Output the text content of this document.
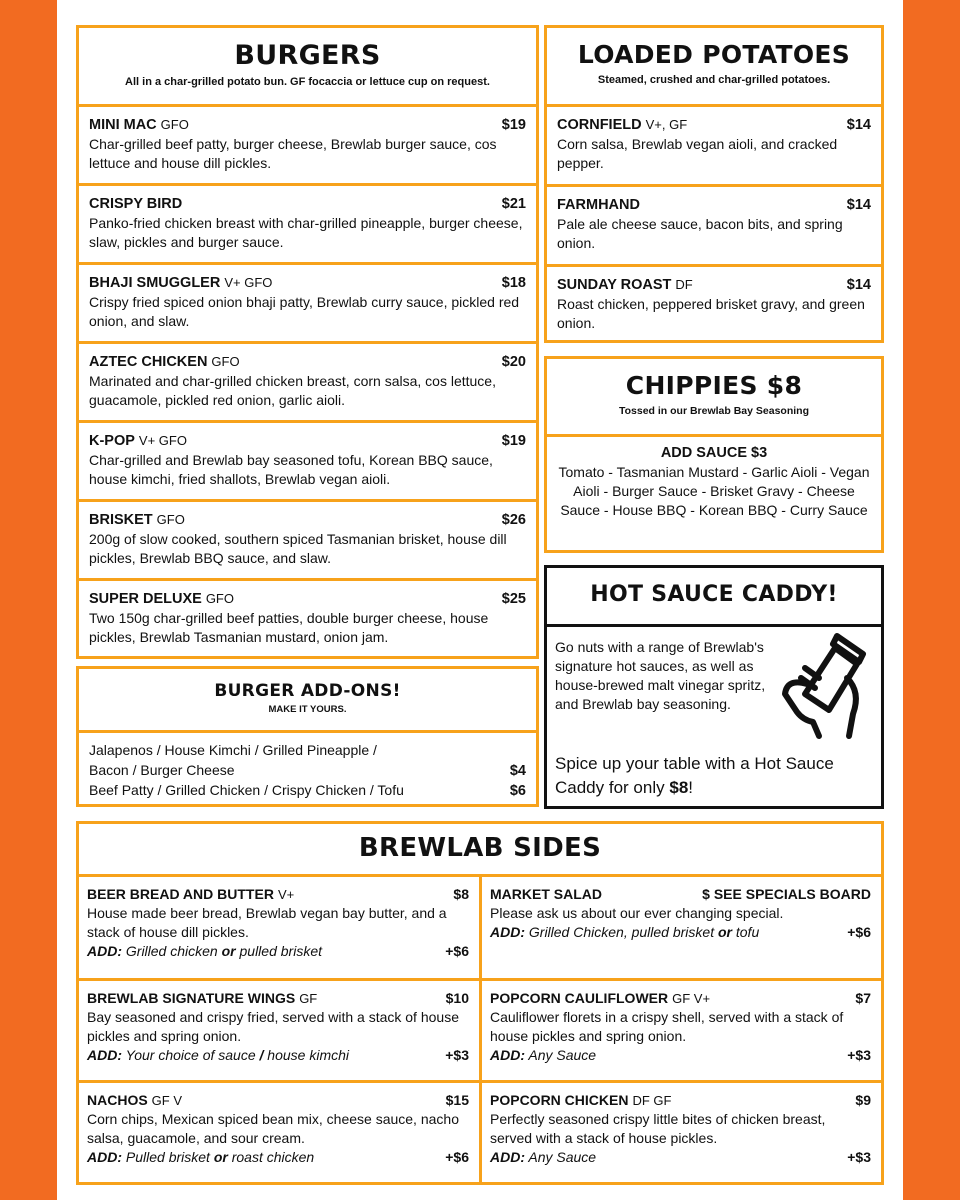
BURGERS
All in a char-grilled potato bun. GF focaccia or lettuce cup on request.
MINI MAC GFO	$19
Char-grilled beef patty, burger cheese, Brewlab burger sauce, cos lettuce and house dill pickles.
CRISPY BIRD	$21
Panko-fried chicken breast with char-grilled pineapple, burger cheese, slaw, pickles and burger sauce.
BHAJI SMUGGLER V+ GFO	$18
Crispy fried spiced onion bhaji patty, Brewlab curry sauce, pickled red onion, and slaw.
AZTEC CHICKEN GFO	$20
Marinated and char-grilled chicken breast, corn salsa, cos lettuce, guacamole, pickled red onion, garlic aioli.
K-POP V+ GFO	$19
Char-grilled and Brewlab bay seasoned tofu, Korean BBQ sauce, house kimchi, fried shallots, Brewlab vegan aioli.
BRISKET GFO	$26
200g of slow cooked, southern spiced Tasmanian brisket, house dill pickles, Brewlab BBQ sauce, and slaw.
SUPER DELUXE GFO	$25
Two 150g char-grilled beef patties, double burger cheese, house pickles, Brewlab Tasmanian mustard, onion jam.
BURGER ADD-ONS!
MAKE IT YOURS.
Jalapenos / House Kimchi / Grilled Pineapple /
Bacon / Burger Cheese	$4
Beef Patty / Grilled Chicken / Crispy Chicken / Tofu	$6
LOADED POTATOES
Steamed, crushed and char-grilled potatoes.
CORNFIELD V+, GF	$14
Corn salsa, Brewlab vegan aioli, and cracked pepper.
FARMHAND	$14
Pale ale cheese sauce, bacon bits, and spring onion.
SUNDAY ROAST DF	$14
Roast chicken, peppered brisket gravy, and green onion.
CHIPPIES $8
Tossed in our Brewlab Bay Seasoning
ADD SAUCE $3
Tomato - Tasmanian Mustard - Garlic Aioli - Vegan Aioli - Burger Sauce - Brisket Gravy - Cheese Sauce - House BBQ - Korean BBQ - Curry Sauce
HOT SAUCE CADDY!
Go nuts with a range of Brewlab's signature hot sauces, as well as house-brewed malt vinegar spritz, and Brewlab bay seasoning.
Spice up your table with a Hot Sauce Caddy for only $8!
BREWLAB SIDES
BEER BREAD AND BUTTER V+	$8
House made beer bread, Brewlab vegan bay butter, and a stack of house dill pickles.
ADD: Grilled chicken or pulled brisket	+$6
MARKET SALAD	$ SEE SPECIALS BOARD
Please ask us about our ever changing special.
ADD: Grilled Chicken, pulled brisket or tofu	+$6
BREWLAB SIGNATURE WINGS GF	$10
Bay seasoned and crispy fried, served with a stack of house pickles and spring onion.
ADD: Your choice of sauce / house kimchi	+$3
POPCORN CAULIFLOWER GF V+	$7
Cauliflower florets in a crispy shell, served with a stack of house pickles and spring onion.
ADD: Any Sauce	+$3
NACHOS GF V	$15
Corn chips, Mexican spiced bean mix, cheese sauce, nacho salsa, guacamole, and sour cream.
ADD: Pulled brisket or roast chicken	+$6
POPCORN CHICKEN DF GF	$9
Perfectly seasoned crispy little bites of chicken breast, served with a stack of house pickles.
ADD: Any Sauce	+$3
